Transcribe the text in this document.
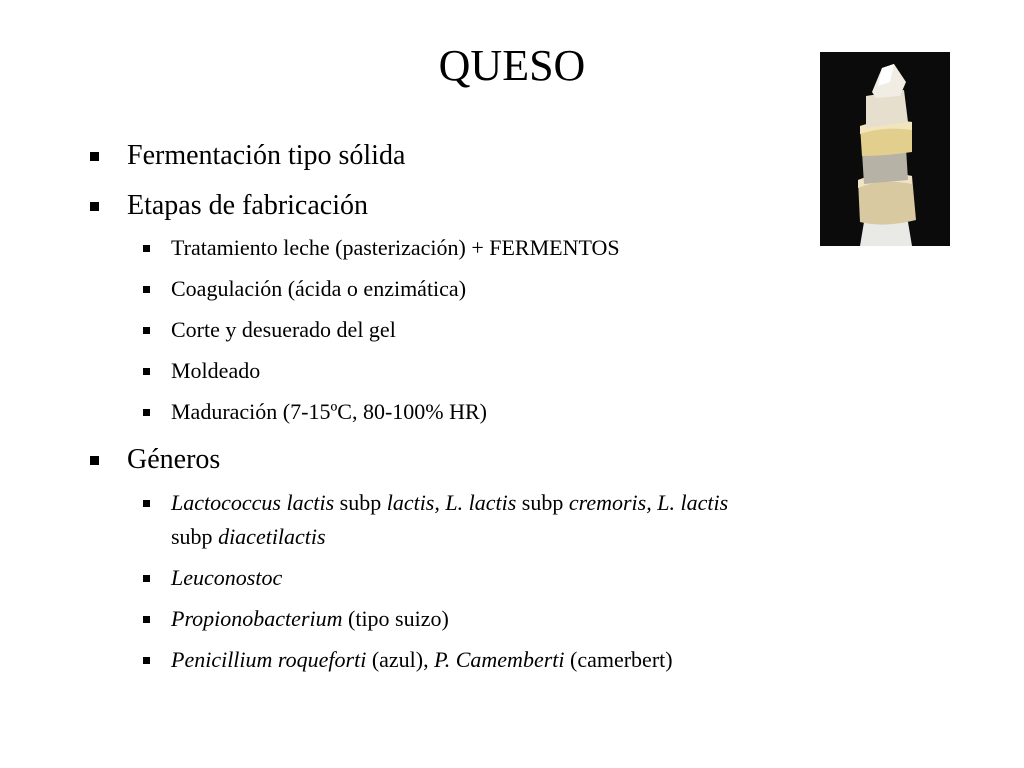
QUESO
Fermentación tipo sólida
Etapas de fabricación
Géneros
Tratamiento leche (pasterización) + FERMENTOS
Coagulación (ácida o enzimática)
Corte y desuerado del gel
Moldeado
Maduración (7-15ºC, 80-100% HR)
Lactococcus lactis subp lactis, L. lactis subp cremoris, L. lactis
subp diacetilactis
Leuconostoc
Propionobacterium (tipo suizo)
Penicillium roqueforti (azul), P. Camemberti (camerbert)
